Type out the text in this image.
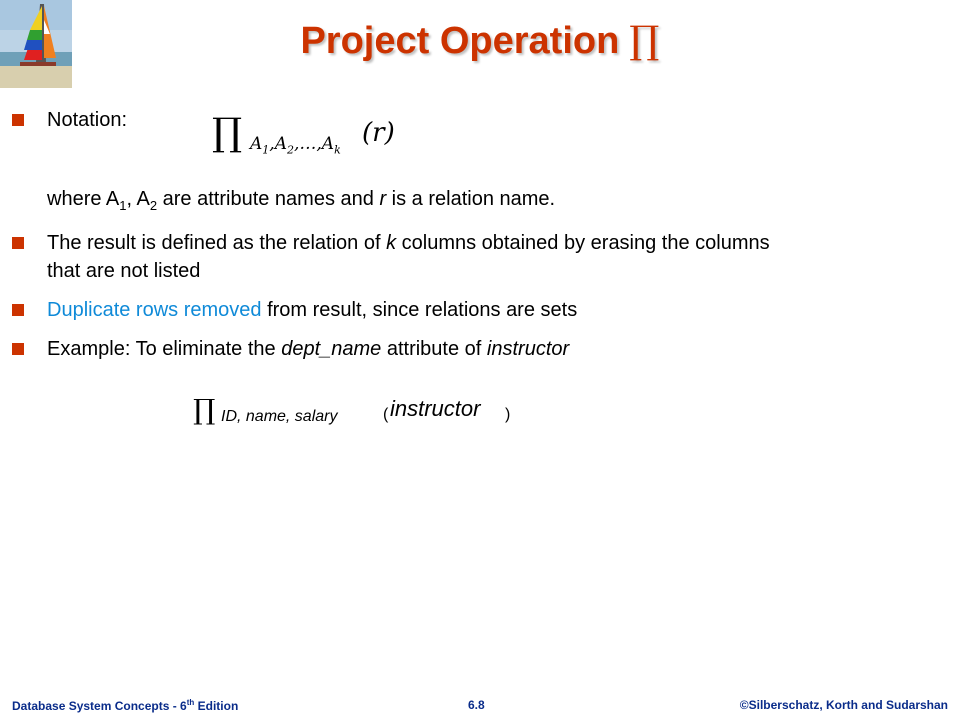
Project Operation ∏
Notation: ∏ $A_1,A_2,\dots,A_k$
(r)
where $A_1$, $A_2$ are attribute names and r is a relation name.
The result is defined as the relation of k columns obtained by erasing the columns
that are not listed
Duplicate rows removed from result, since relations are sets
Example: To eliminate the dept_name attribute of instructor
∏ ID, name, salary	( instructor )
Database System Concepts - 6th Edition	6.8	©Silberschatz, Korth and Sudarshan
